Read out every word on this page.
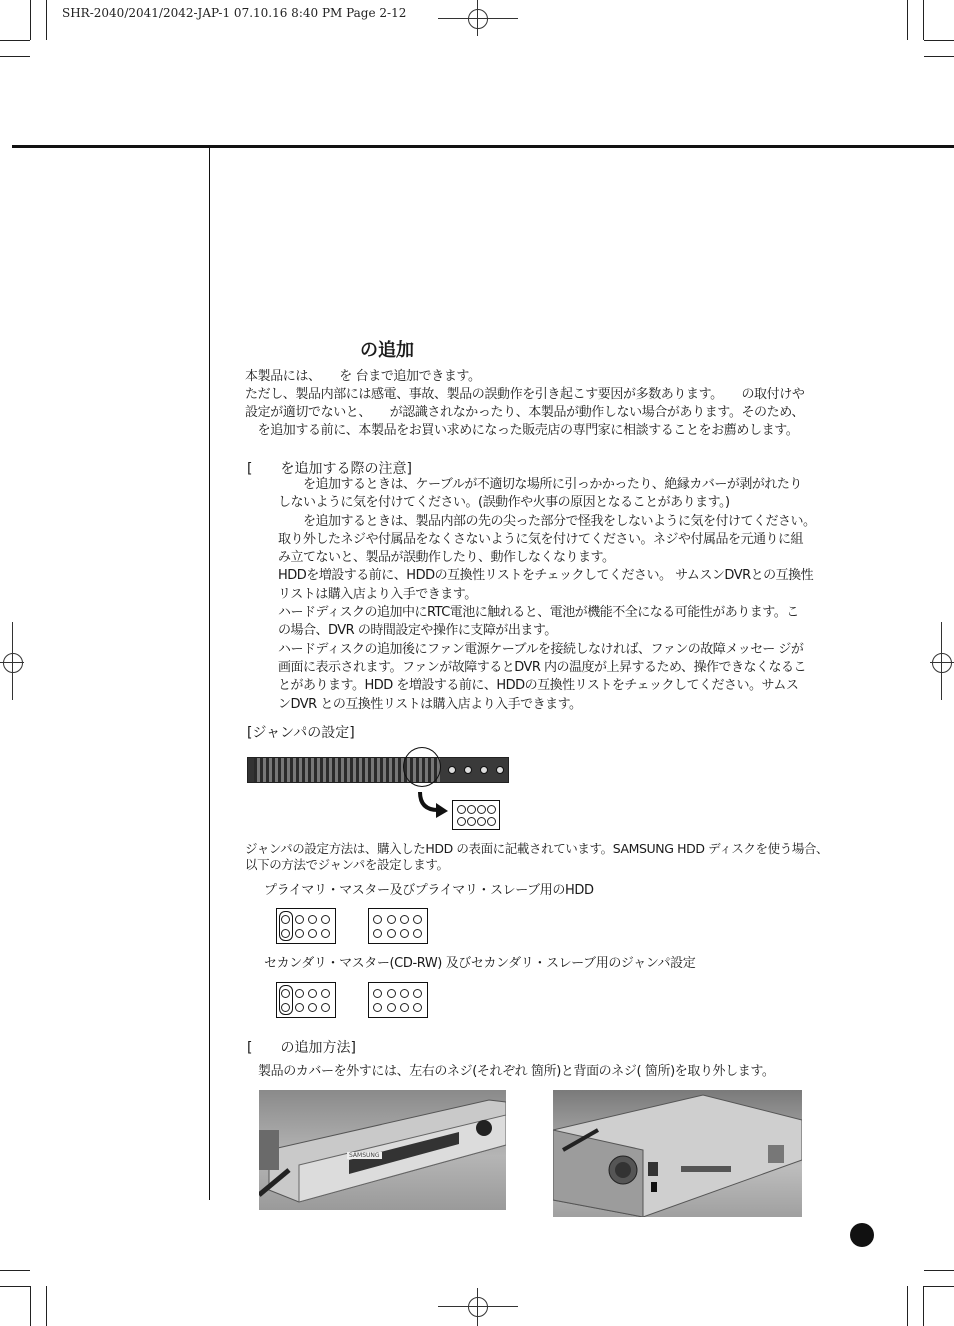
SHR-2040/2041/2042-JAP-1 07.10.16 8:40 PM Page 2-12
の追加
本製品には、　　を 台まで追加できます。
ただし、製品内部には感電、事故、製品の誤動作を引き起こす要因が多数あります。　　の取付けや
設定が適切でないと、　　が認識されなかったり、本製品が動作しない場合があります。そのため、
　を追加する前に、本製品をお買い求めになった販売店の専門家に相談することをお薦めします。
[　　を追加する際の注意]
　　を追加するときは、ケーブルが不適切な場所に引っかかったり、絶縁カバーが剥がれたり
しないように気を付けてください。(誤動作や火事の原因となることがあります。)
　　を追加するときは、製品内部の先の尖った部分で怪我をしないように気を付けてください。
取り外したネジや付属品をなくさないように気を付けてください。ネジや付属品を元通りに組
み立てないと、製品が誤動作したり、動作しなくなります。
HDDを増設する前に、HDDの互換性リストをチェックしてください。 サムスンDVRとの互換性
リストは購入店より入手できます。
ハードディスクの追加中にRTC電池に触れると、電池が機能不全になる可能性があります。こ
の場合、DVR の時間設定や操作に支障が出ます。
ハードディスクの追加後にファン電源ケーブルを接続しなければ、ファンの故障メッセー ジが
画面に表示されます。ファンが故障するとDVR 内の温度が上昇するため、操作できなくなるこ
とがあります。HDD を増設する前に、HDDの互換性リストをチェックしてください。サムス
ンDVR との互換性リストは購入店より入手できます。
[ジャンパの設定]
ジャンパの設定方法は、購入したHDD の表面に記載されています。SAMSUNG HDD ディスクを使う場合、
以下の方法でジャンパを設定します。
プライマリ・マスター及びプライマリ・スレーブ用のHDD
セカンダリ・マスター(CD-RW) 及びセカンダリ・スレーブ用のジャンパ設定
[　　の追加方法]
製品のカバーを外すには、左右のネジ(それぞれ 箇所)と背面のネジ( 箇所)を取り外します。
SAMSUNG
